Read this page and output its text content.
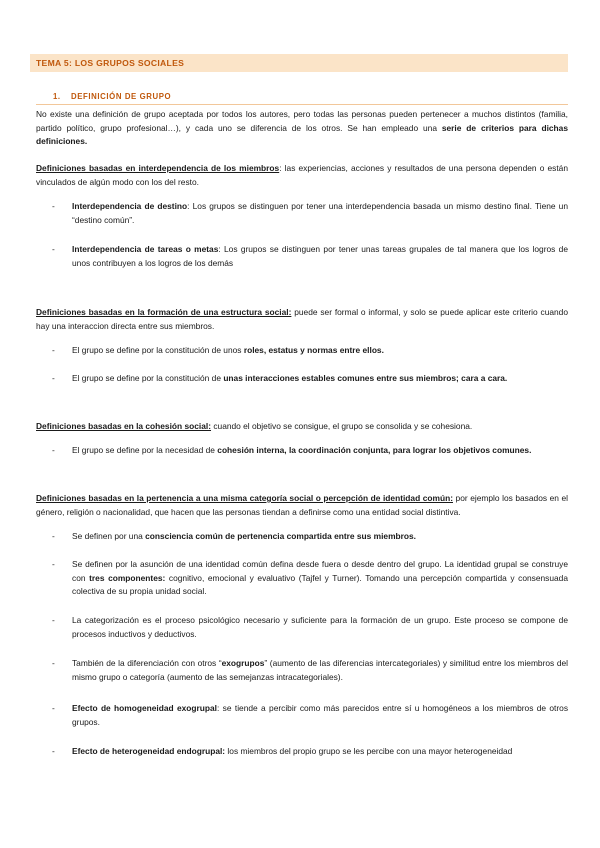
TEMA 5: LOS GRUPOS SOCIALES
1. DEFINICIÓN DE GRUPO
No existe una definición de grupo aceptada por todos los autores, pero todas las personas pueden pertenecer a muchos distintos (familia, partido político, grupo profesional…), y cada uno se diferencia de los otros. Se han empleado una serie de criterios para dichas definiciones.
Definiciones basadas en interdependencia de los miembros: las experiencias, acciones y resultados de una persona dependen o están vinculados de algún modo con los del resto.
-	Interdependencia de destino: Los grupos se distinguen por tener una interdependencia basada un mismo destino final. Tiene un “destino común”.
-	Interdependencia de tareas o metas: Los grupos se distinguen por tener unas tareas grupales de tal manera que los logros de unos contribuyen a los logros de los demás
Definiciones basadas en la formación de una estructura social: puede ser formal o informal, y solo se puede aplicar este criterio cuando hay una interaccion directa entre sus miembros.
-	El grupo se define por la constitución de unos roles, estatus y normas entre ellos.
-	El grupo se define por la constitución de unas interacciones estables comunes entre sus miembros; cara a cara.
Definiciones basadas en la cohesión social: cuando el objetivo se consigue, el grupo se consolida y se cohesiona.
-	El grupo se define por la necesidad de cohesión interna, la coordinación conjunta, para lograr los objetivos comunes.
Definiciones basadas en la pertenencia a una misma categoría social o percepción de identidad común: por ejemplo los basados en el género, religión o nacionalidad, que hacen que las personas tiendan a definirse como una entidad social distintiva.
-	Se definen por una consciencia común de pertenencia compartida entre sus miembros.
-	Se definen por la asunción de una identidad común defina desde fuera o desde dentro del grupo. La identidad grupal se construye con tres componentes: cognitivo, emocional y evaluativo (Tajfel y Turner). Tomando una percepción compartida y consensuada colectiva de su propia unidad social.
-	La categorización es el proceso psicológico necesario y suficiente para la formación de un grupo. Este proceso se compone de procesos inductivos y deductivos.
-	También de la diferenciación con otros “exogrupos” (aumento de las diferencias intercategoriales) y similitud entre los miembros del mismo grupo o categoría (aumento de las semejanzas intracategoriales).
-	Efecto de homogeneidad exogrupal: se tiende a percibir como más parecidos entre sí u homogéneos a los miembros de otros grupos.
-	Efecto de heterogeneidad endogrupal: los miembros del propio grupo se les percibe con una mayor heterogeneidad
